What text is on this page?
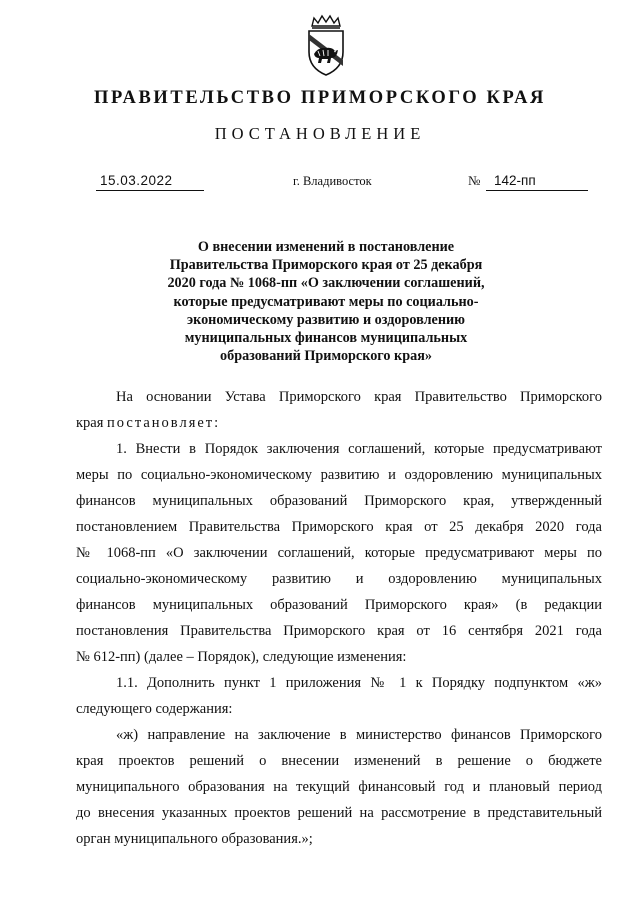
ПРАВИТЕЛЬСТВО ПРИМОРСКОГО КРАЯ
ПОСТАНОВЛЕНИЕ
15.03.2022	г. Владивосток	№	142-пп
О внесении изменений в постановление
Правительства Приморского края от 25 декабря
2020 года № 1068-пп «О заключении соглашений,
которые предусматривают меры по социально-
экономическому развитию и оздоровлению
муниципальных финансов муниципальных
образований Приморского края»
На основании Устава Приморского края Правительство Приморского
края постановляет:
1. Внести в Порядок заключения соглашений, которые предусматривают
меры по социально-экономическому развитию и оздоровлению муниципальных
финансов муниципальных образований Приморского края, утвержденный
постановлением Правительства Приморского края от 25 декабря 2020 года
№ 1068-пп «О заключении соглашений, которые предусматривают меры по
социально-экономическому развитию и оздоровлению муниципальных
финансов муниципальных образований Приморского края» (в редакции
постановления Правительства Приморского края от 16 сентября 2021 года
№ 612-пп) (далее – Порядок), следующие изменения:
1.1. Дополнить пункт 1 приложения № 1 к Порядку подпунктом «ж»
следующего содержания:
«ж) направление на заключение в министерство финансов Приморского
края проектов решений о внесении изменений в решение о бюджете
муниципального образования на текущий финансовый год и плановый период
до внесения указанных проектов решений на рассмотрение в представительный
орган муниципального образования.»;
